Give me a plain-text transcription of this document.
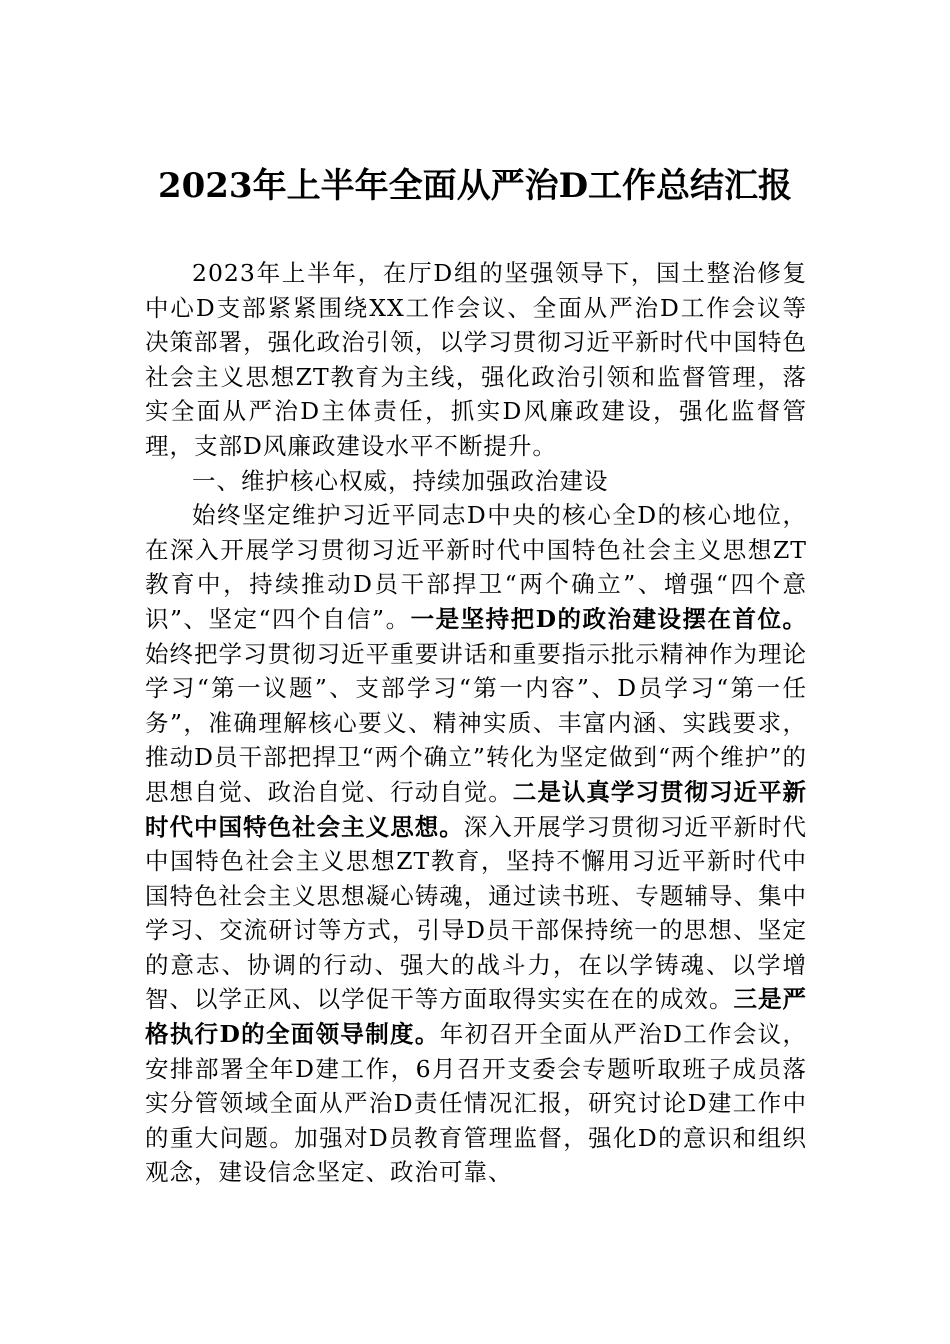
2023年上半年全面从严治D工作总结汇报

2023年上半年，在厅D组的坚强领导下，国土整治修复中心D支部紧紧围绕XX工作会议、全面从严治D工作会议等决策部署，强化政治引领，以学习贯彻习近平新时代中国特色社会主义思想ZT教育为主线，强化政治引领和监督管理，落实全面从严治D主体责任，抓实D风廉政建设，强化监督管理，支部D风廉政建设水平不断提升。

一、维护核心权威，持续加强政治建设

始终坚定维护习近平同志D中央的核心全D的核心地位，在深入开展学习贯彻习近平新时代中国特色社会主义思想ZT教育中，持续推动D员干部捍卫“两个确立”、增强“四个意识”、坚定“四个自信”。一是坚持把D的政治建设摆在首位。始终把学习贯彻习近平重要讲话和重要指示批示精神作为理论学习“第一议题”、支部学习“第一内容”、D员学习“第一任务”，准确理解核心要义、精神实质、丰富内涵、实践要求，推动D员干部把捍卫“两个确立”转化为坚定做到“两个维护”的思想自觉、政治自觉、行动自觉。二是认真学习贯彻习近平新时代中国特色社会主义思想。深入开展学习贯彻习近平新时代中国特色社会主义思想ZT教育，坚持不懈用习近平新时代中国特色社会主义思想凝心铸魂，通过读书班、专题辅导、集中学习、交流研讨等方式，引导D员干部保持统一的思想、坚定的意志、协调的行动、强大的战斗力，在以学铸魂、以学增智、以学正风、以学促干等方面取得实实在在的成效。三是严格执行D的全面领导制度。年初召开全面从严治D工作会议，安排部署全年D建工作，6月召开支委会专题听取班子成员落实分管领域全面从严治D责任情况汇报，研究讨论D建工作中的重大问题。加强对D员教育管理监督，强化D的意识和组织观念，建设信念坚定、政治可靠、
